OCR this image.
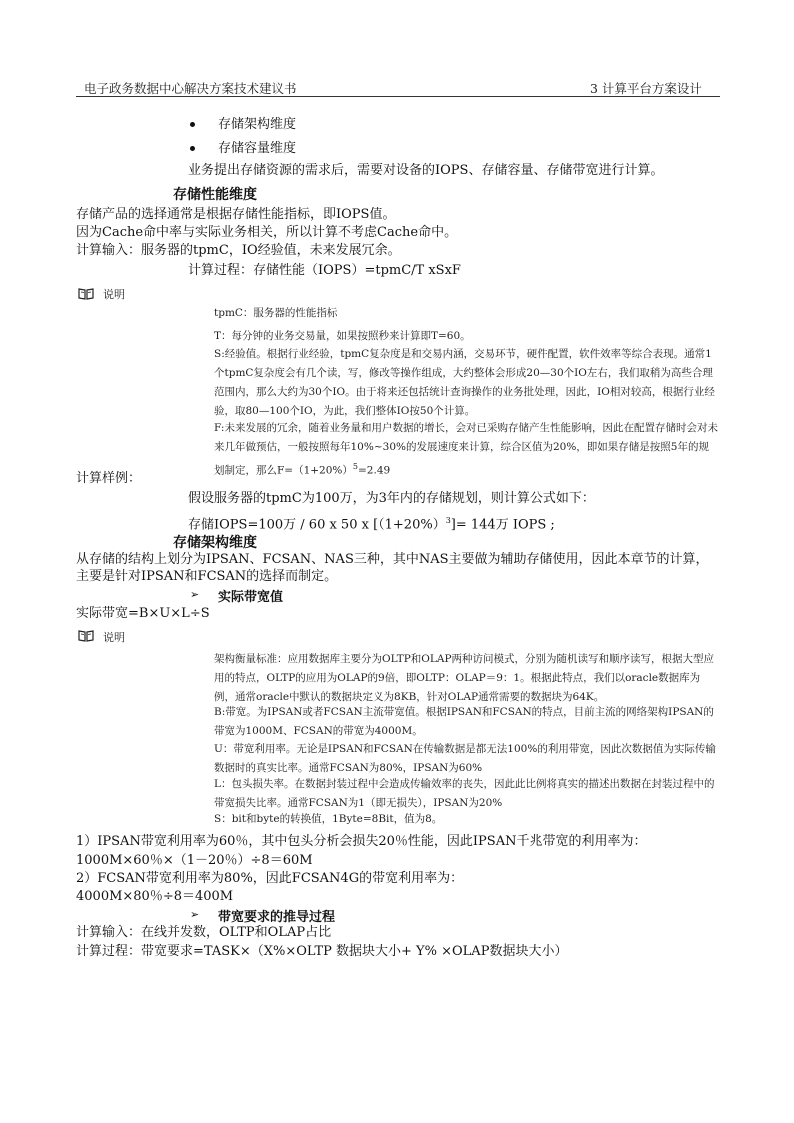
电子政务数据中心解决方案技术建议书	3 计算平台方案设计
存储架构维度
存储容量维度
业务提出存储资源的需求后，需要对设备的IOPS、存储容量、存储带宽进行计算。
存储性能维度
存储产品的选择通常是根据存储性能指标，即IOPS值。
因为Cache命中率与实际业务相关，所以计算不考虑Cache命中。
计算输入：服务器的tpmC，IO经验值，未来发展冗余。
计算过程：存储性能（IOPS）=tpmC/T xSxF
说明
tpmC：服务器的性能指标
T：每分钟的业务交易量，如果按照秒来计算即T=60。
S:经验值。根据行业经验，tpmC复杂度是和交易内涵，交易环节，硬件配置，软件效率等综合表现。通常1个tpmC复杂度会有几个读，写，修改等操作组成，大约整体会形成20—30个IO左右，我们取稍为高些合理范围内，那么大约为30个IO。由于将来还包括统计查询操作的业务批处理，因此，IO相对较高，根据行业经验，取80—100个IO，为此，我们整体IO按50个计算。
F:未来发展的冗余，随着业务量和用户数据的增长，会对已采购存储产生性能影响，因此在配置存储时会对未来几年做预估，一般按照每年10%~30%的发展速度来计算，综合区值为20%，即如果存储是按照5年的规划制定，那么$F=(1+20\%)^5=2.49$
计算样例：
假设服务器的tpmC为100万，为3年内的存储规划，则计算公式如下：
存储IOPS=100万 / 60 x 50 x $[(1+20\%)^3]= 144$万 IOPS ;
存储架构维度
从存储的结构上划分为IPSAN、FCSAN、NAS三种，其中NAS主要做为辅助存储使用，因此本章节的计算，
主要是针对IPSAN和FCSAN的选择而制定。
➢ 实际带宽值
实际带宽=B×U×L÷S
说明
架构衡量标准：应用数据库主要分为OLTP和OLAP两种访问模式，分别为随机读写和顺序读写，根据大型应用的特点，OLTP的应用为OLAP的9倍，即OLTP：OLAP＝9：1。根据此特点，我们以oracle数据库为例，通常oracle中默认的数据块定义为8KB，针对OLAP通常需要的数据块为64K。
B:带宽。为IPSAN或者FCSAN主流带宽值。根据IPSAN和FCSAN的特点，目前主流的网络架构IPSAN的带宽为1000M、FCSAN的带宽为4000M。
U：带宽利用率。无论是IPSAN和FCSAN在传输数据是都无法100%的利用带宽，因此次数据值为实际传输数据时的真实比率。通常FCSAN为80%，IPSAN为60%
L：包头损失率。在数据封装过程中会造成传输效率的丧失，因此此比例将真实的描述出数据在封装过程中的带宽损失比率。通常FCSAN为1（即无损失），IPSAN为20%
S：bit和byte的转换值，1Byte=8Bit，值为8。
1）IPSAN带宽利用率为60％，其中包头分析会损失20％性能，因此IPSAN千兆带宽的利用率为：
1000M×60％×（1－20％）÷8＝60M
2）FCSAN带宽利用率为80%，因此FCSAN4G的带宽利用率为：
4000M×80％÷8＝400M
➢ 带宽要求的推导过程
计算输入：在线并发数，OLTP和OLAP占比
计算过程：带宽要求=TASK×（X%×OLTP 数据块大小+ Y% ×OLAP数据块大小）
